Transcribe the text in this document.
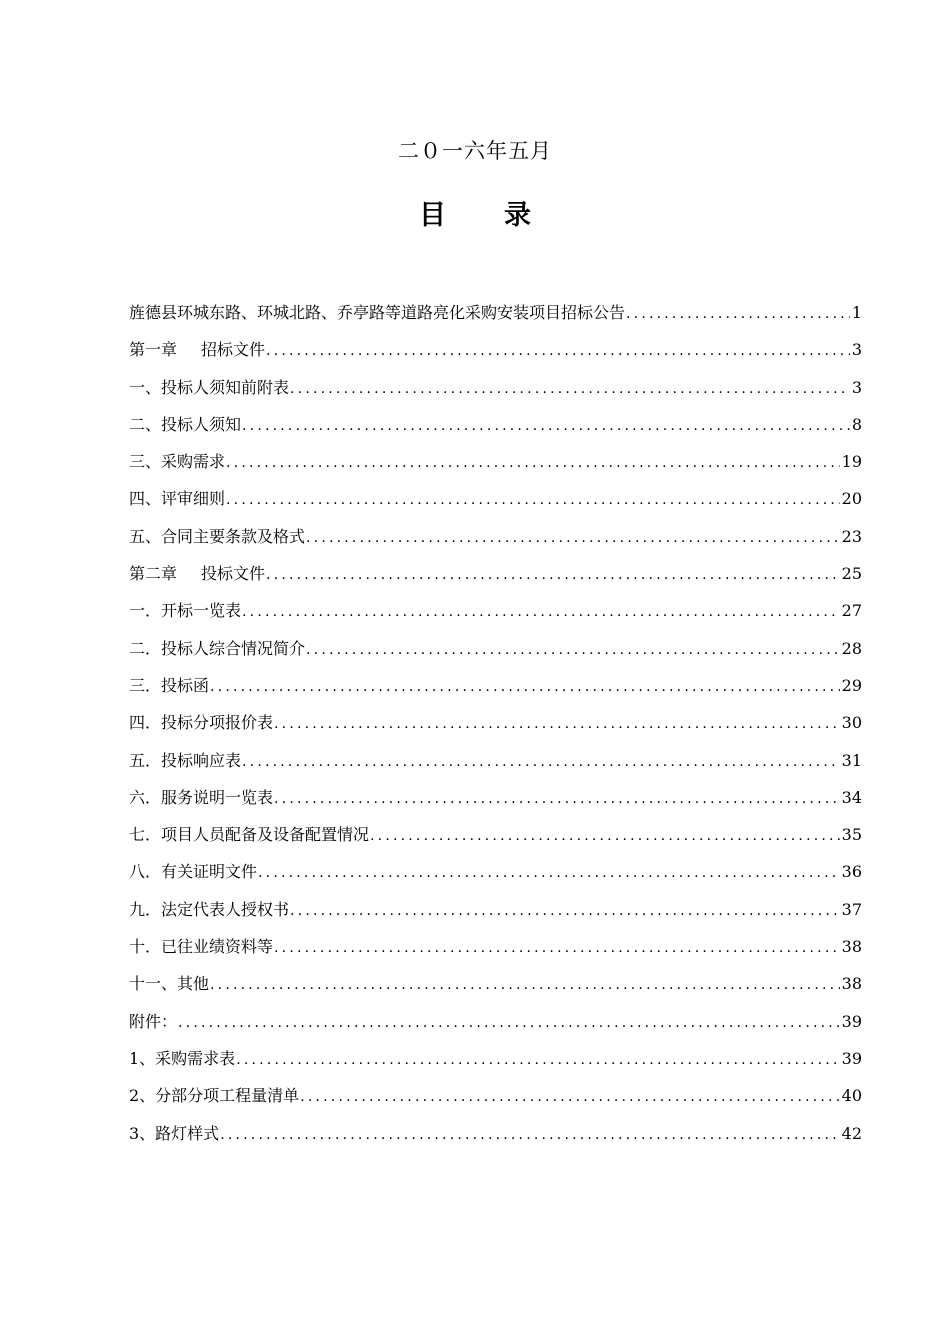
二０一六年五月
目 录
旌德县环城东路、环城北路、乔亭路等道路亮化采购安装项目招标公告 .....	1
第一章 招标文件 .....	3
一、投标人须知前附表 .....	3
二、投标人须知 .....	8
三、采购需求 .....	19
四、评审细则 .....	20
五、合同主要条款及格式 .....	23
第二章 投标文件 .....	25
一．开标一览表 .....	27
二．投标人综合情况简介 .....	28
三．投标函 .....	29
四．投标分项报价表 .....	30
五．投标响应表 .....	31
六．服务说明一览表 .....	34
七．项目人员配备及设备配置情况 .....	35
八．有关证明文件 .....	36
九．法定代表人授权书 .....	37
十．已往业绩资料等 .....	38
十一、其他 .....	38
附件： .....	39
1、采购需求表 .....	39
2、分部分项工程量清单 .....	40
3、路灯样式 .....	42
